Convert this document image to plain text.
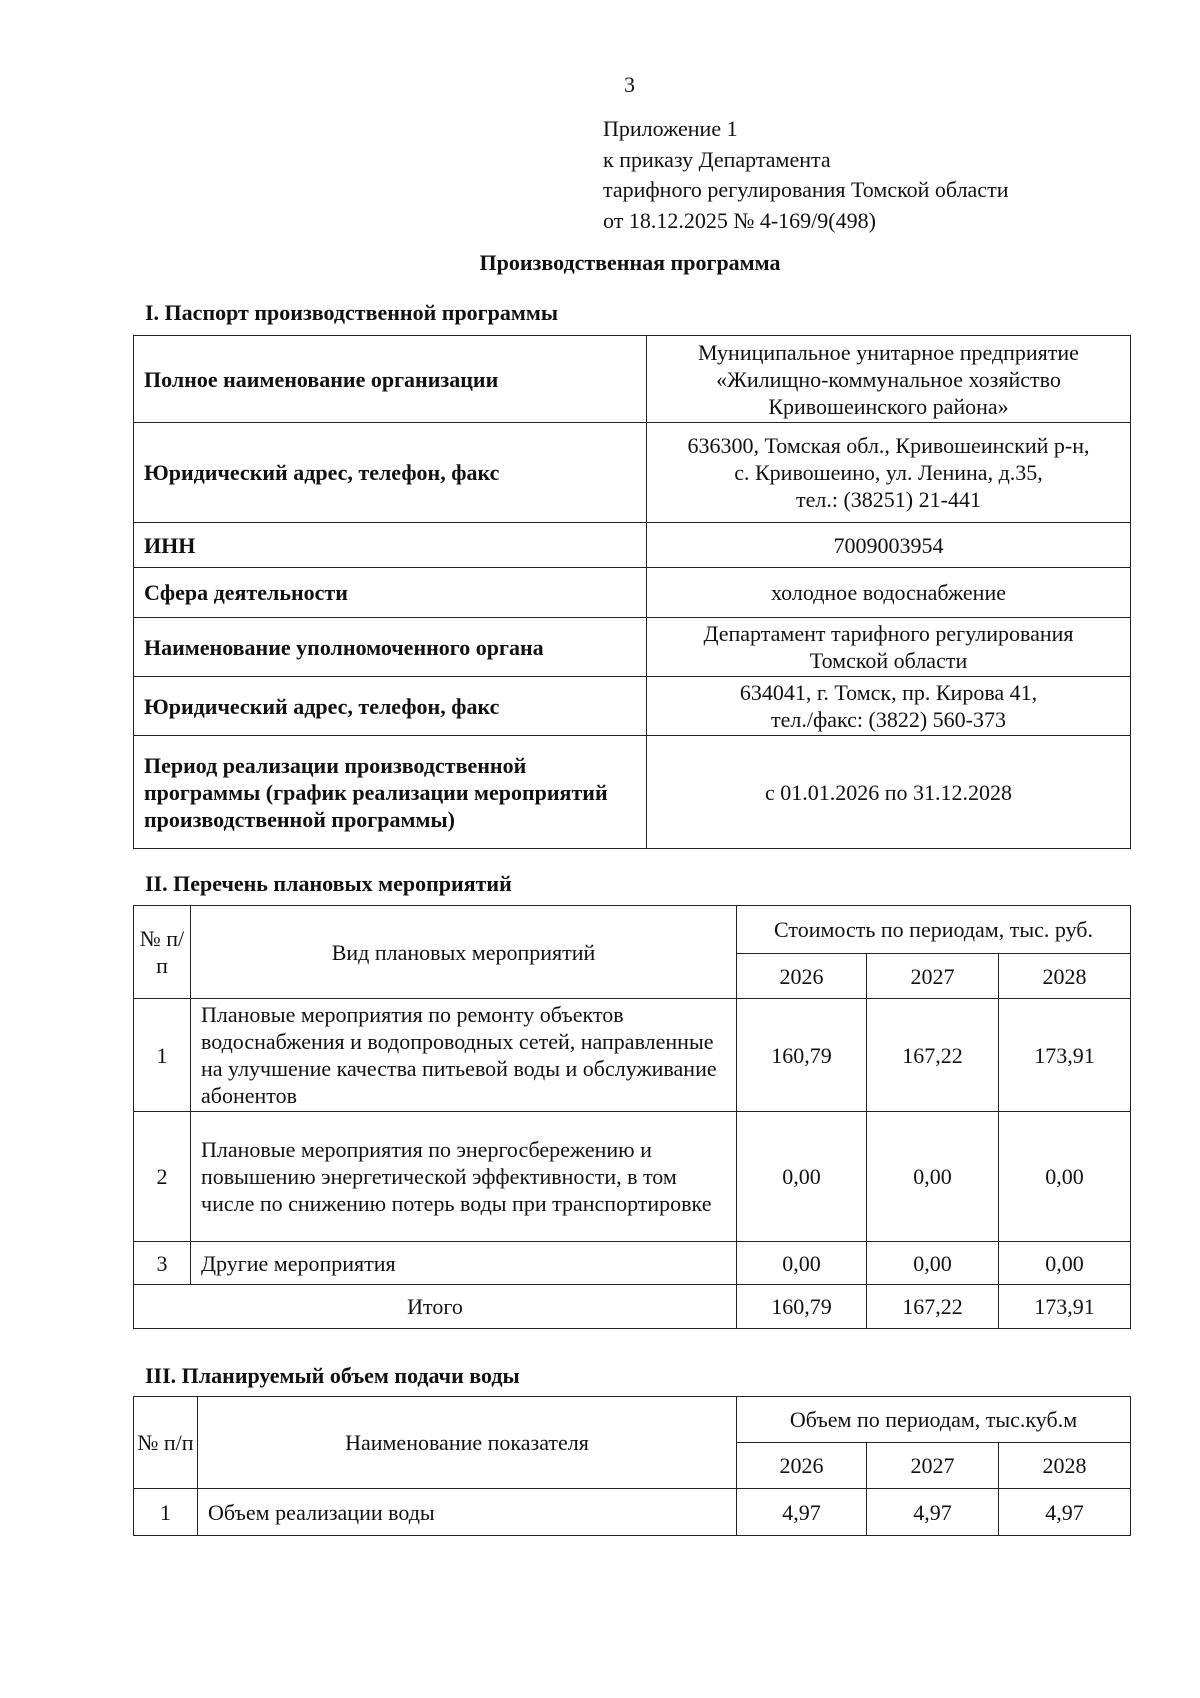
3
Приложение 1
к приказу Департамента
тарифного регулирования Томской области
от 18.12.2025 № 4-169/9(498)
Производственная программа
I. Паспорт производственной программы
Полное наименование организации	Муниципальное унитарное предприятие
«Жилищно-коммунальное хозяйство
Кривошеинского района»

Юридический адрес, телефон, факс	636300, Томская обл., Кривошеинский р-н,
с. Кривошеино, ул. Ленина, д.35,
тел.: (38251) 21-441

ИНН	7009003954
Сфера деятельности	холодное водоснабжение
Наименование уполномоченного органа	Департамент тарифного регулирования
Томской области

Юридический адрес, телефон, факс	634041, г. Томск, пр. Кирова 41,
тел./факс: (3822) 560-373

Период реализации производственной программы (график реализации мероприятий производственной программы)	с 01.01.2026 по 31.12.2028
II. Перечень плановых мероприятий
№ п/п	Вид плановых мероприятий	Стоимость по периодам, тыс. руб.		
		2026	2027	2028
1	Плановые мероприятия по ремонту объектов водоснабжения и водопроводных сетей, направленные на улучшение качества питьевой воды и обслуживание абонентов	160,79	167,22	173,91
2	Плановые мероприятия по энергосбережению и повышению энергетической эффективности, в том числе по снижению потерь воды при транспортировке	0,00	0,00	0,00
3	Другие мероприятия	0,00	0,00	0,00
Итого		160,79	167,22	173,91
III. Планируемый объем подачи воды
№ п/п	Наименование показателя	Объем по периодам, тыс.куб.м		
		2026	2027	2028
1	Объем реализации воды	4,97	4,97	4,97
